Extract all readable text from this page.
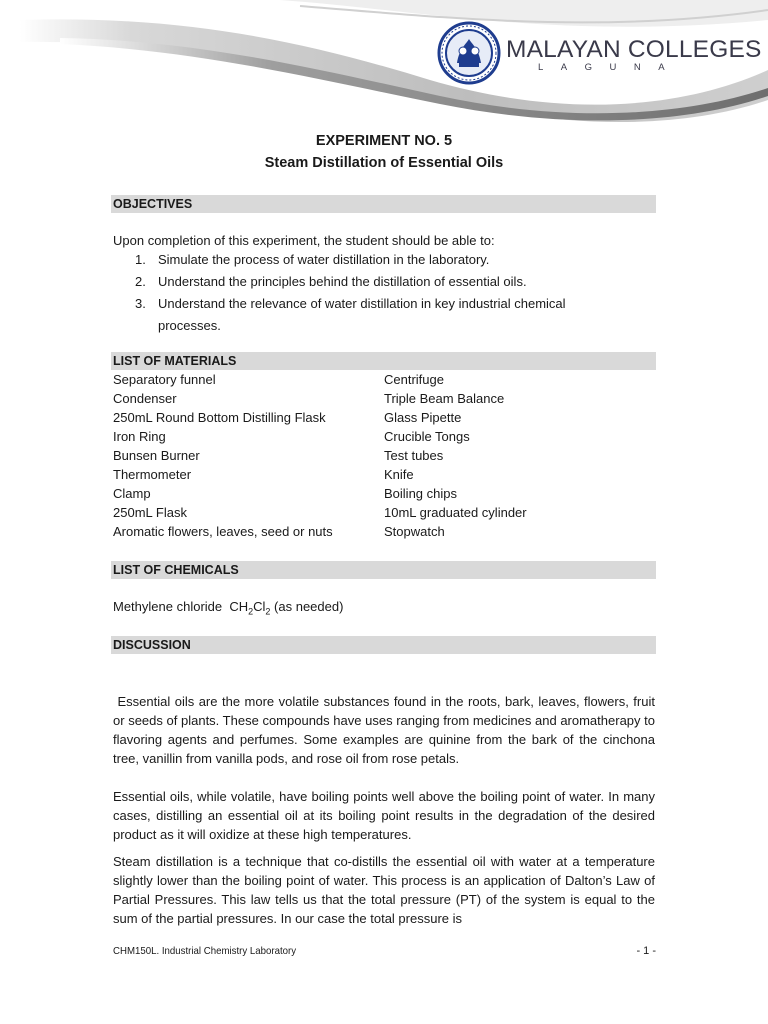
MALAYAN COLLEGES
LAGUNA
EXPERIMENT NO. 5
Steam Distillation of Essential Oils
OBJECTIVES
Upon completion of this experiment, the student should be able to:
1. Simulate the process of water distillation in the laboratory.
2. Understand the principles behind the distillation of essential oils.
3. Understand the relevance of water distillation in key industrial chemical
processes.
LIST OF MATERIALS
Separatory funnel
Condenser
250mL Round Bottom Distilling Flask
Iron Ring
Bunsen Burner
Thermometer
Clamp
250mL Flask
Aromatic flowers, leaves, seed or nuts
Centrifuge
Triple Beam Balance
Glass Pipette
Crucible Tongs
Test tubes
Knife
Boiling chips
10mL graduated cylinder
Stopwatch
LIST OF CHEMICALS
Methylene chloride  $CH_2Cl_2$ (as needed)
DISCUSSION
Essential oils are the more volatile substances found in the roots, bark, leaves, flowers, fruit or seeds of plants. These compounds have uses ranging from medicines and aromatherapy to flavoring agents and perfumes. Some examples are quinine from the bark of the cinchona tree, vanillin from vanilla pods, and rose oil from rose petals.
Essential oils, while volatile, have boiling points well above the boiling point of water. In many cases, distilling an essential oil at its boiling point results in the degradation of the desired product as it will oxidize at these high temperatures.
Steam distillation is a technique that co-distills the essential oil with water at a temperature slightly lower than the boiling point of water. This process is an application of Dalton’s Law of Partial Pressures. This law tells us that the total pressure (PT) of the system is equal to the sum of the partial pressures. In our case the total pressure is
CHM150L. Industrial Chemistry Laboratory	- 1 -
